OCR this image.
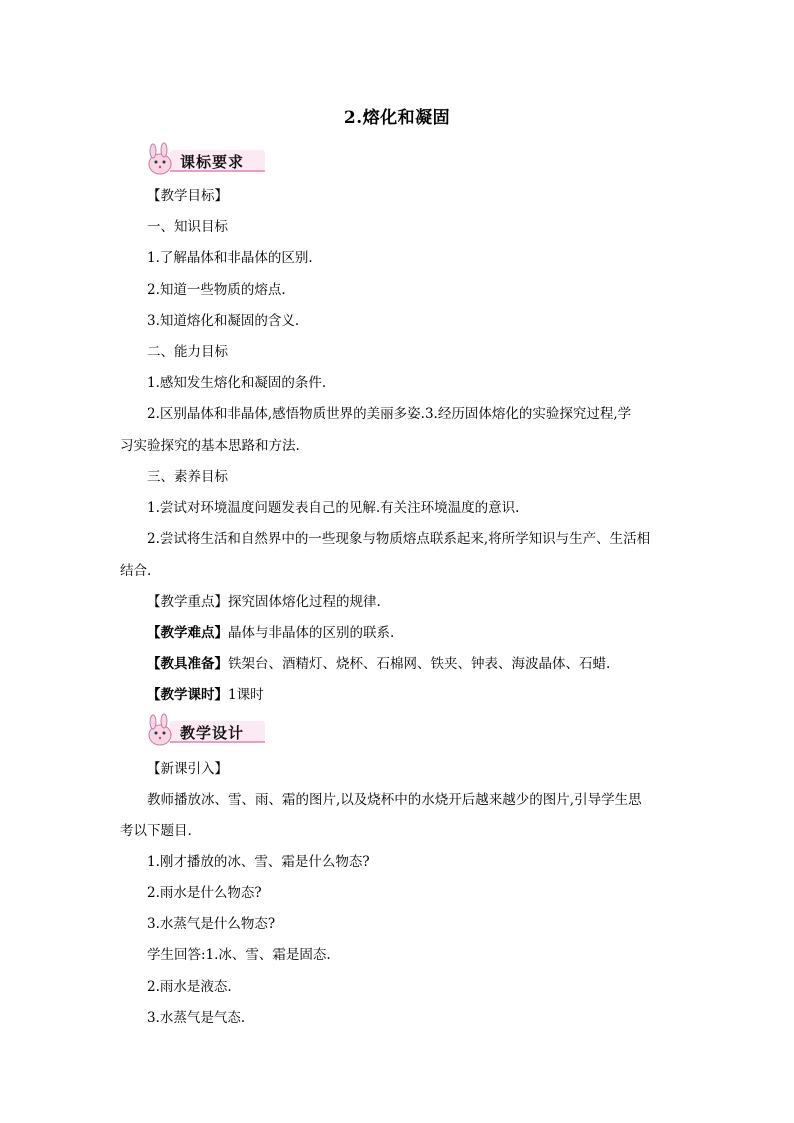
2.熔化和凝固
课标要求
【教学目标】
一、知识目标
1.了解晶体和非晶体的区别.
2.知道一些物质的熔点.
3.知道熔化和凝固的含义.
二、能力目标
1.感知发生熔化和凝固的条件.
2.区别晶体和非晶体,感悟物质世界的美丽多姿.3.经历固体熔化的实验探究过程,学
习实验探究的基本思路和方法.
三、素养目标
1.尝试对环境温度问题发表自己的见解.有关注环境温度的意识.
2.尝试将生活和自然界中的一些现象与物质熔点联系起来,将所学知识与生产、生活相
结合.
【教学重点】探究固体熔化过程的规律.
【教学难点】晶体与非晶体的区别的联系.
【教具准备】铁架台、酒精灯、烧杯、石棉网、铁夹、钟表、海波晶体、石蜡.
【教学课时】1课时
教学设计
【新课引入】
教师播放冰、雪、雨、霜的图片,以及烧杯中的水烧开后越来越少的图片,引导学生思
考以下题目.
1.刚才播放的冰、雪、霜是什么物态?
2.雨水是什么物态?
3.水蒸气是什么物态?
学生回答:1.冰、雪、霜是固态.
2.雨水是液态.
3.水蒸气是气态.
